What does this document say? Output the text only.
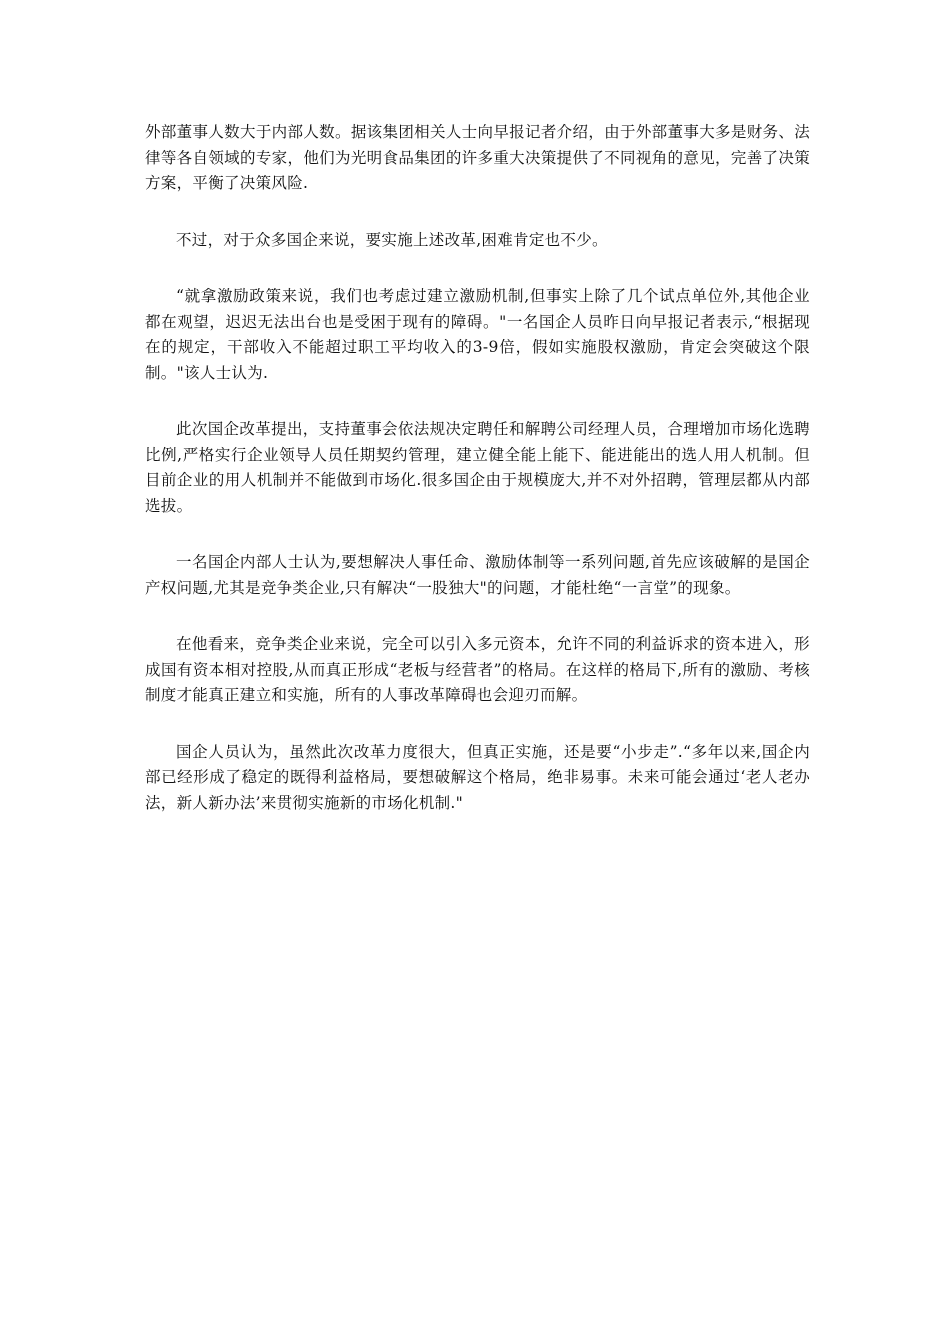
外部董事人数大于内部人数。据该集团相关人士向早报记者介绍，由于外部董事大多是财务、法律等各自领域的专家，他们为光明食品集团的许多重大决策提供了不同视角的意见，完善了决策方案，平衡了决策风险.

不过，对于众多国企来说，要实施上述改革,困难肯定也不少。

“就拿激励政策来说，我们也考虑过建立激励机制,但事实上除了几个试点单位外,其他企业都在观望，迟迟无法出台也是受困于现有的障碍。"一名国企人员昨日向早报记者表示,“根据现在的规定，干部收入不能超过职工平均收入的3-9倍，假如实施股权激励，肯定会突破这个限制。"该人士认为.

此次国企改革提出，支持董事会依法规决定聘任和解聘公司经理人员，合理增加市场化选聘比例,严格实行企业领导人员任期契约管理，建立健全能上能下、能进能出的选人用人机制。但目前企业的用人机制并不能做到市场化.很多国企由于规模庞大,并不对外招聘，管理层都从内部选拔。

一名国企内部人士认为,要想解决人事任命、激励体制等一系列问题,首先应该破解的是国企产权问题,尤其是竞争类企业,只有解决“一股独大"的问题，才能杜绝“一言堂”的现象。

在他看来，竞争类企业来说，完全可以引入多元资本，允许不同的利益诉求的资本进入，形成国有资本相对控股,从而真正形成“老板与经营者”的格局。在这样的格局下,所有的激励、考核制度才能真正建立和实施，所有的人事改革障碍也会迎刃而解。

国企人员认为，虽然此次改革力度很大，但真正实施，还是要“小步走”.“多年以来,国企内部已经形成了稳定的既得利益格局，要想破解这个格局，绝非易事。未来可能会通过‘老人老办法，新人新办法’来贯彻实施新的市场化机制."
